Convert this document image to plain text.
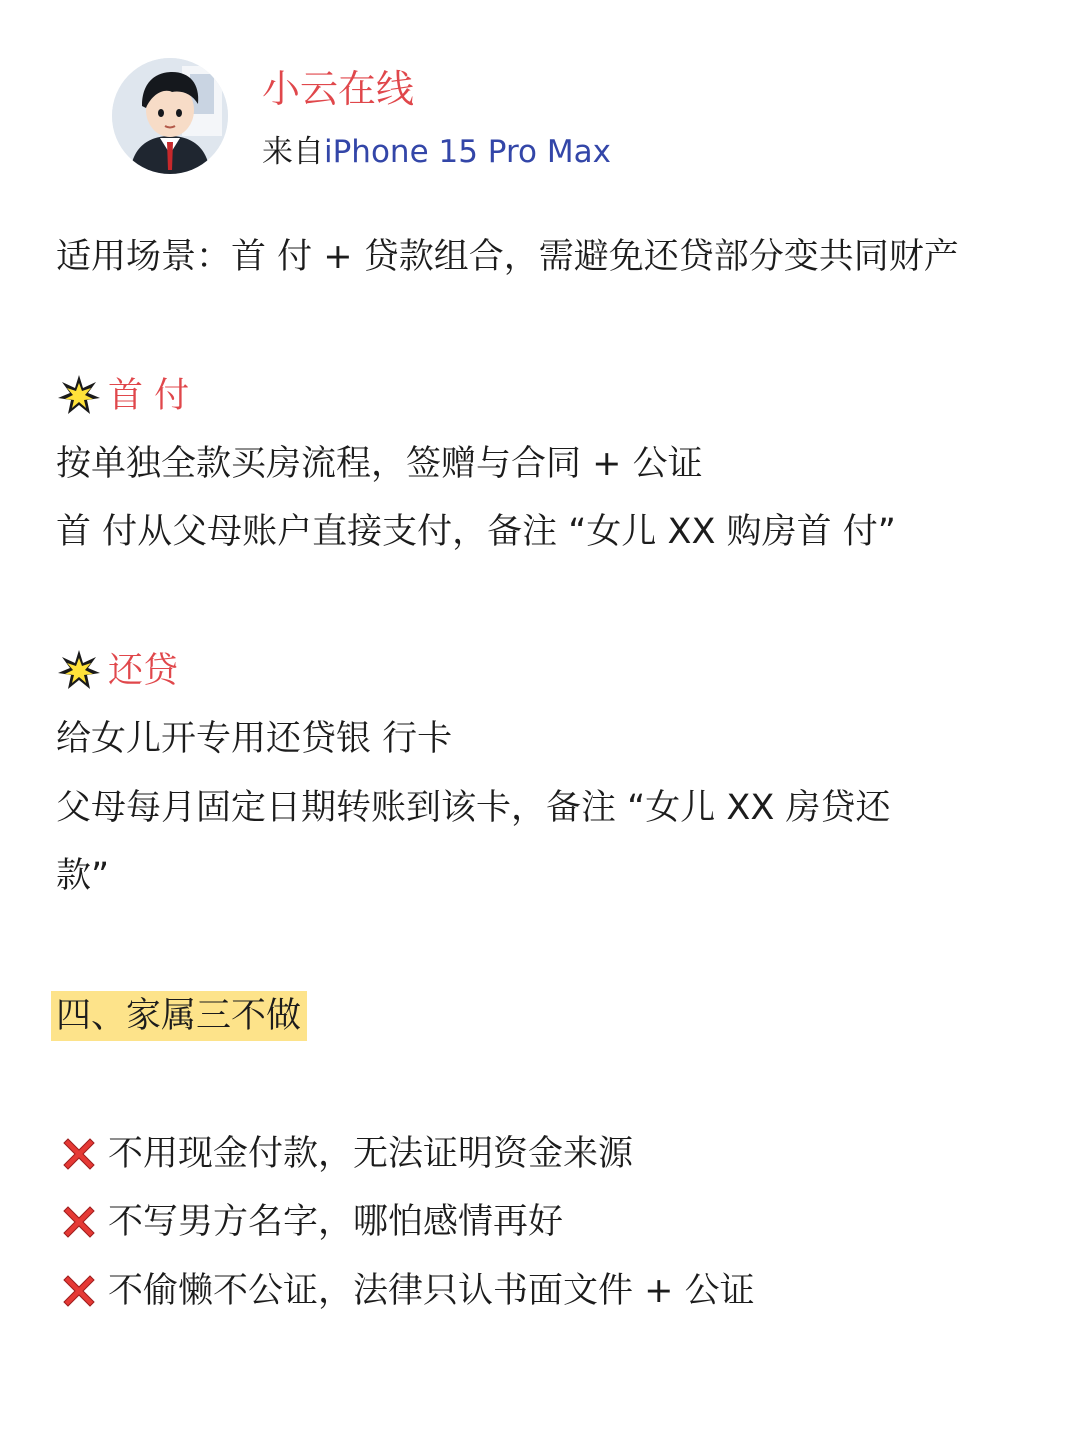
小云在线
来自iPhone 15 Pro Max
适用场景：首 付 + 贷款组合，需避免还贷部分变共同财产
首 付
按单独全款买房流程，签赠与合同 + 公证
首 付从父母账户直接支付，备注 “女儿 XX 购房首 付”
还贷
给女儿开专用还贷银 行卡
父母每月固定日期转账到该卡，备注 “女儿 XX 房贷还
款”
四、家属三不做
不用现金付款，无法证明资金来源
不写男方名字，哪怕感情再好
不偷懒不公证，法律只认书面文件 + 公证
